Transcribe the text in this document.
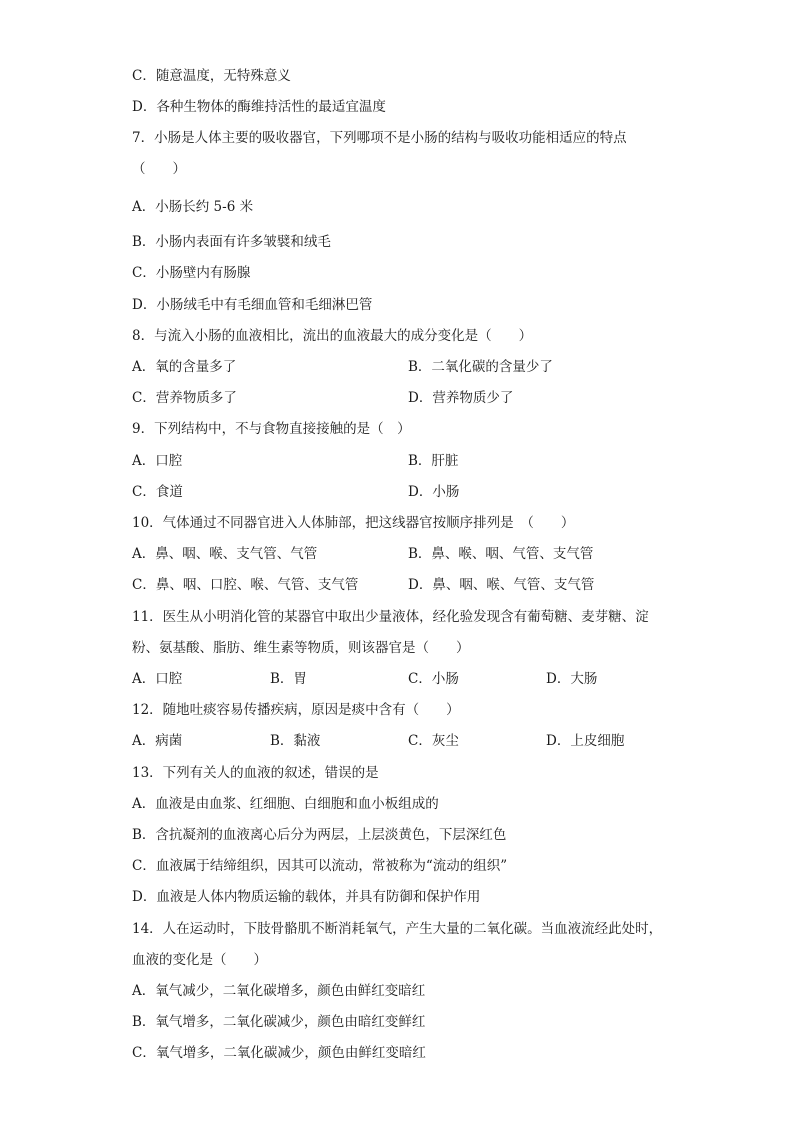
C．随意温度，无特殊意义
D．各种生物体的酶维持活性的最适宜温度
7．小肠是人体主要的吸收器官，下列哪项不是小肠的结构与吸收功能相适应的特点
（　　）
A．小肠长约 5-6 米
B．小肠内表面有许多皱襞和绒毛
C．小肠壁内有肠腺
D．小肠绒毛中有毛细血管和毛细淋巴管
8．与流入小肠的血液相比，流出的血液最大的成分变化是（　　）
A．氧的含量多了	B．二氧化碳的含量少了
C．营养物质多了	D．营养物质少了
9．下列结构中，不与食物直接接触的是（　）
A．口腔	B．肝脏
C．食道	D．小肠
10．气体通过不同器官进入人体肺部，把这线器官按顺序排列是　（　　）
A．鼻、咽、喉、支气管、气管	B．鼻、喉、咽、气管、支气管
C．鼻、咽、口腔、喉、气管、支气管	D．鼻、咽、喉、气管、支气管
11．医生从小明消化管的某器官中取出少量液体，经化验发现含有葡萄糖、麦芽糖、淀
粉、氨基酸、脂肪、维生素等物质，则该器官是（　　）
A．口腔	B．胃	C．小肠	D．大肠
12．随地吐痰容易传播疾病，原因是痰中含有（　　）
A．病菌	B．黏液	C．灰尘	D．上皮细胞
13．下列有关人的血液的叙述，错误的是
A．血液是由血浆、红细胞、白细胞和血小板组成的
B．含抗凝剂的血液离心后分为两层，上层淡黄色，下层深红色
C．血液属于结缔组织，因其可以流动，常被称为“流动的组织”
D．血液是人体内物质运输的载体，并具有防御和保护作用
14．人在运动时，下肢骨骼肌不断消耗氧气，产生大量的二氧化碳。当血液流经此处时，
血液的变化是（　　）
A．氧气减少，二氧化碳增多，颜色由鲜红变暗红
B．氧气增多，二氧化碳减少，颜色由暗红变鲜红
C．氧气增多，二氧化碳减少，颜色由鲜红变暗红
